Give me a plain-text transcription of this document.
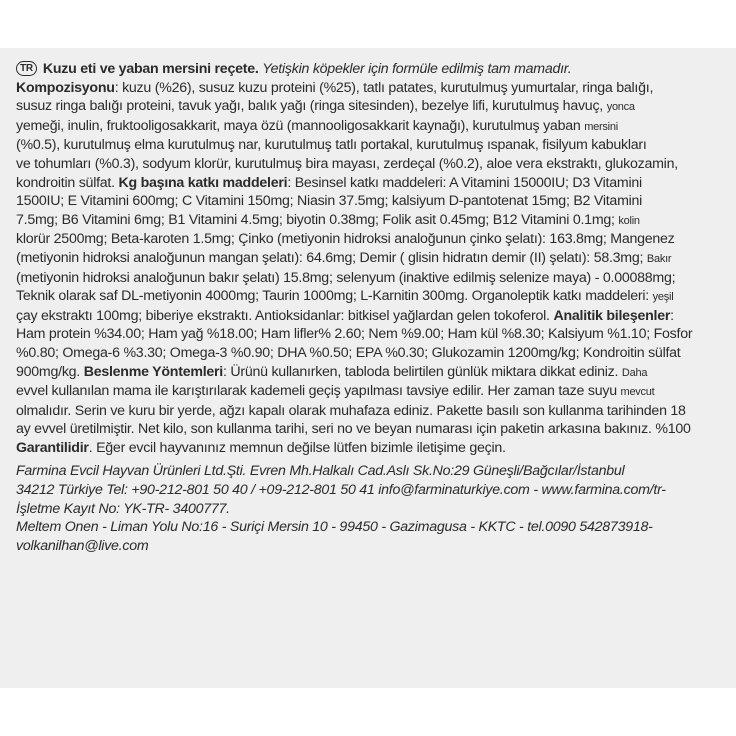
TR Kuzu eti ve yaban mersini reçete. Yetişkin köpekler için formüle edilmiş tam mamadır.
Kompozisyonu: kuzu (%26), susuz kuzu proteini (%25), tatlı patates, kurutulmuş yumurtalar, ringa balığı,
susuz ringa balığı proteini, tavuk yağı, balık yağı (ringa sitesinden), bezelye lifi, kurutulmuş havuç, yonca
yemeği, inulin, fruktooligosakkarit, maya özü (mannooligosakkarit kaynağı), kurutulmuş yaban mersini
(%0.5), kurutulmuş elma kurutulmuş nar, kurutulmuş tatlı portakal, kurutulmuş ıspanak, fisilyum kabukları
ve tohumları (%0.3), sodyum klorür, kurutulmuş bira mayası, zerdeçal (%0.2), aloe vera ekstraktı, glukozamin,
kondroitin sülfat. Kg başına katkı maddeleri: Besinsel katkı maddeleri: A Vitamini 15000IU; D3 Vitamini
1500IU; E Vitamini 600mg; C Vitamini 150mg; Niasin 37.5mg; kalsiyum D-pantotenat 15mg; B2 Vitamini
7.5mg; B6 Vitamini 6mg; B1 Vitamini 4.5mg; biyotin 0.38mg; Folik asit 0.45mg; B12 Vitamini 0.1mg; kolin
klorür 2500mg; Beta-karoten 1.5mg; Çinko (metiyonin hidroksi analoğunun çinko şelatı): 163.8mg; Mangenez
(metiyonin hidroksi analoğunun mangan şelatı): 64.6mg; Demir ( glisin hidratın demir (II) şelatı): 58.3mg; Bakır
(metiyonin hidroksi analoğunun bakır şelatı) 15.8mg; selenyum (inaktive edilmiş selenize maya) - 0.00088mg;
Teknik olarak saf DL-metiyonin 4000mg; Taurin 1000mg; L-Karnitin 300mg. Organoleptik katkı maddeleri: yeşil
çay ekstraktı 100mg; biberiye ekstraktı. Antioksidanlar: bitkisel yağlardan gelen tokoferol. Analitik bileşenler:
Ham protein %34.00; Ham yağ %18.00; Ham lifler% 2.60; Nem %9.00; Ham kül %8.30; Kalsiyum %1.10; Fosfor
%0.80; Omega-6 %3.30; Omega-3 %0.90; DHA %0.50; EPA %0.30; Glukozamin 1200mg/kg; Kondroitin sülfat
900mg/kg. Beslenme Yöntemleri: Ürünü kullanırken, tabloda belirtilen günlük miktara dikkat ediniz. Daha
evvel kullanılan mama ile karıştırılarak kademeli geçiş yapılması tavsiye edilir. Her zaman taze suyu mevcut
olmalıdır. Serin ve kuru bir yerde, ağzı kapalı olarak muhafaza ediniz. Pakette basılı son kullanma tarihinden 18
ay evvel üretilmiştir. Net kilo, son kullanma tarihi, seri no ve beyan numarası için paketin arkasına bakınız. %100
Garantilidir. Eğer evcil hayvanınız memnun değilse lütfen bizimle iletişime geçin.
Farmina Evcil Hayvan Ürünleri Ltd.Şti. Evren Mh.Halkalı Cad.Aslı Sk.No:29 Güneşli/Bağcılar/İstanbul
34212 Türkiye Tel: +90-212-801 50 40 / +09-212-801 50 41 info@farminaturkiye.com - www.farmina.com/tr-
İşletme Kayıt No: YK-TR- 3400777.
Meltem Onen - Liman Yolu No:16 - Suriçi Mersin 10 - 99450 - Gazimagusa - KKTC - tel.0090 542873918-
volkanilhan@live.com
